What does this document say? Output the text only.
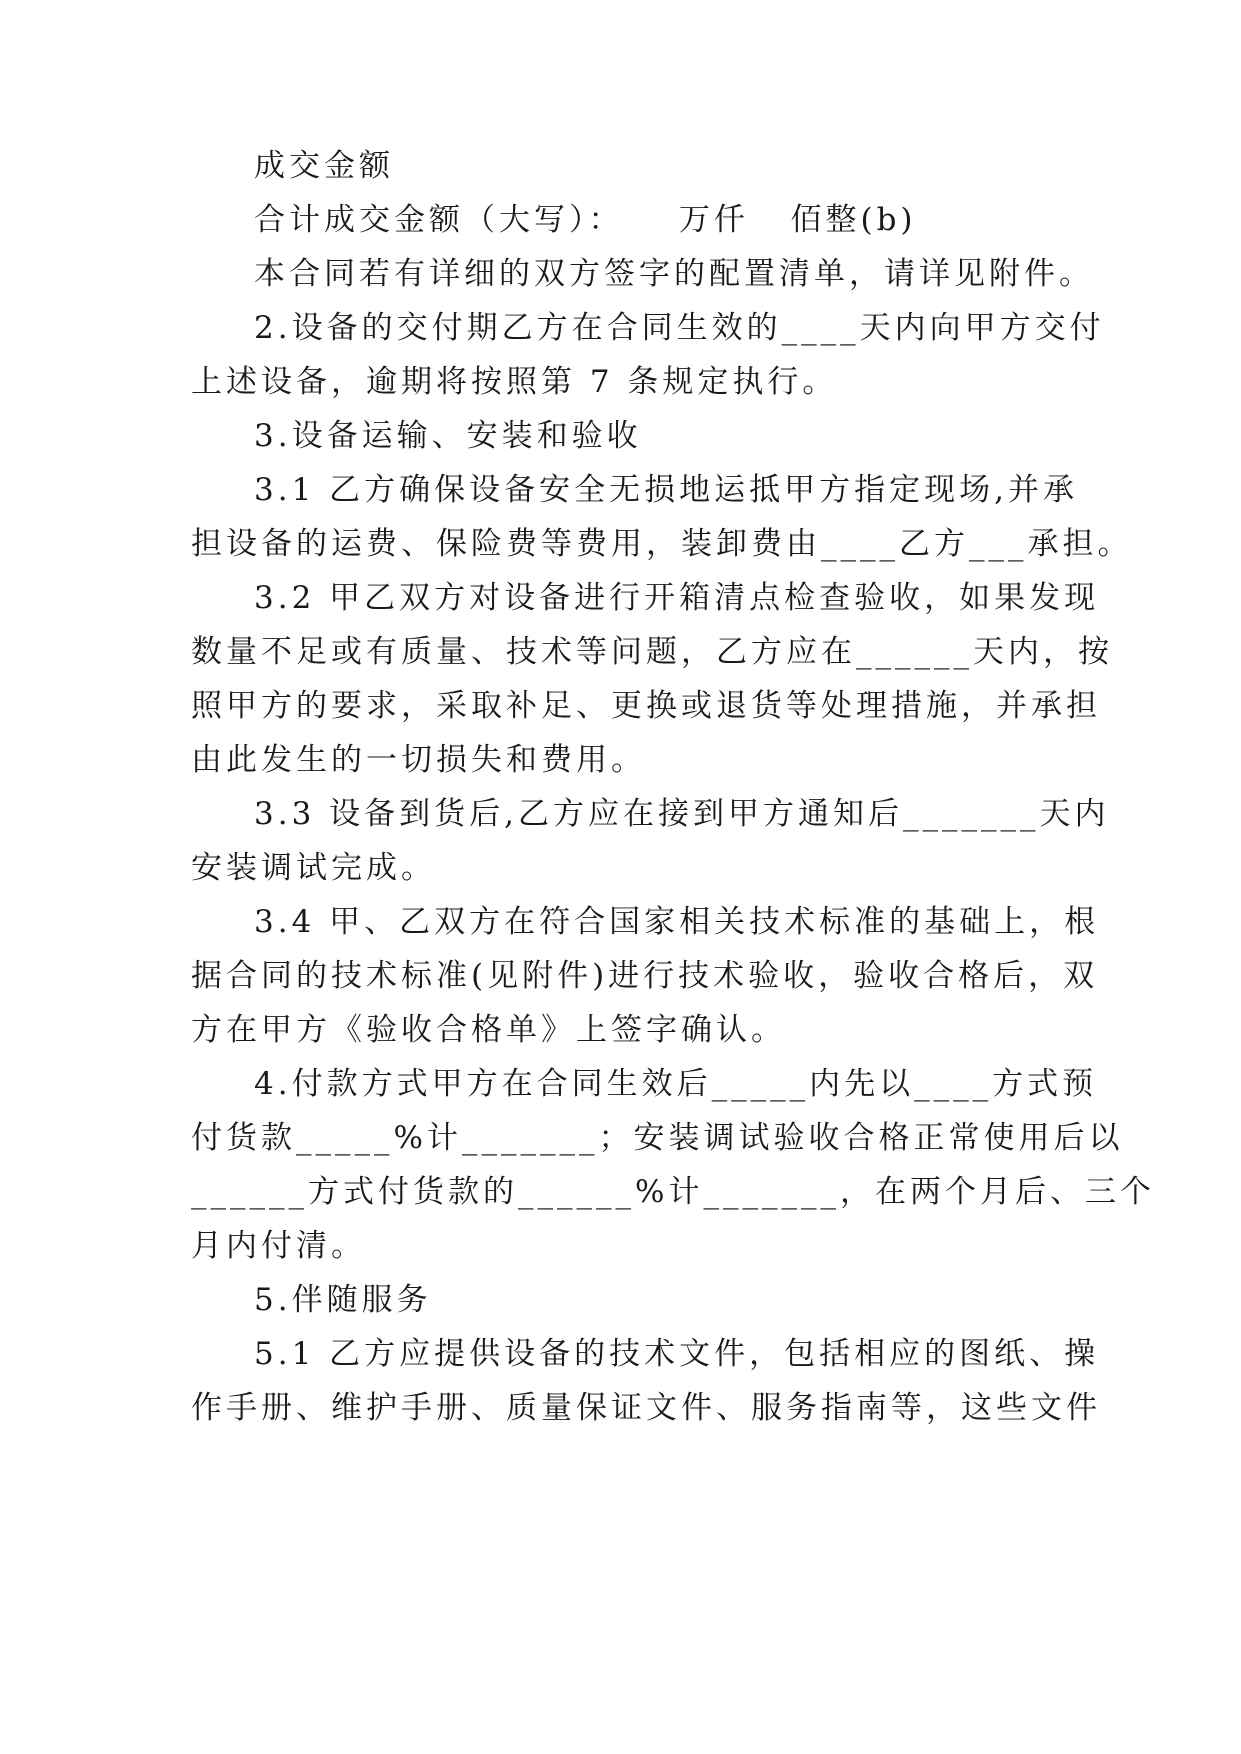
成交金额
合计成交金额（大写）：    万仟   佰整(b)
本合同若有详细的双方签字的配置清单，请详见附件。
2.设备的交付期乙方在合同生效的____天内向甲方交付
上述设备，逾期将按照第 7 条规定执行。
3.设备运输、安装和验收
3.1 乙方确保设备安全无损地运抵甲方指定现场,并承
担设备的运费、保险费等费用，装卸费由____乙方___承担。
3.2 甲乙双方对设备进行开箱清点检查验收，如果发现
数量不足或有质量、技术等问题，乙方应在______天内，按
照甲方的要求，采取补足、更换或退货等处理措施，并承担
由此发生的一切损失和费用。
3.3 设备到货后,乙方应在接到甲方通知后_______天内
安装调试完成。
3.4 甲、乙双方在符合国家相关技术标准的基础上，根
据合同的技术标准(见附件)进行技术验收，验收合格后，双
方在甲方《验收合格单》上签字确认。
4.付款方式甲方在合同生效后_____内先以____方式预
付货款_____%计_______；安装调试验收合格正常使用后以
______方式付货款的______%计_______，在两个月后、三个
月内付清。
5.伴随服务
5.1 乙方应提供设备的技术文件，包括相应的图纸、操
作手册、维护手册、质量保证文件、服务指南等，这些文件
